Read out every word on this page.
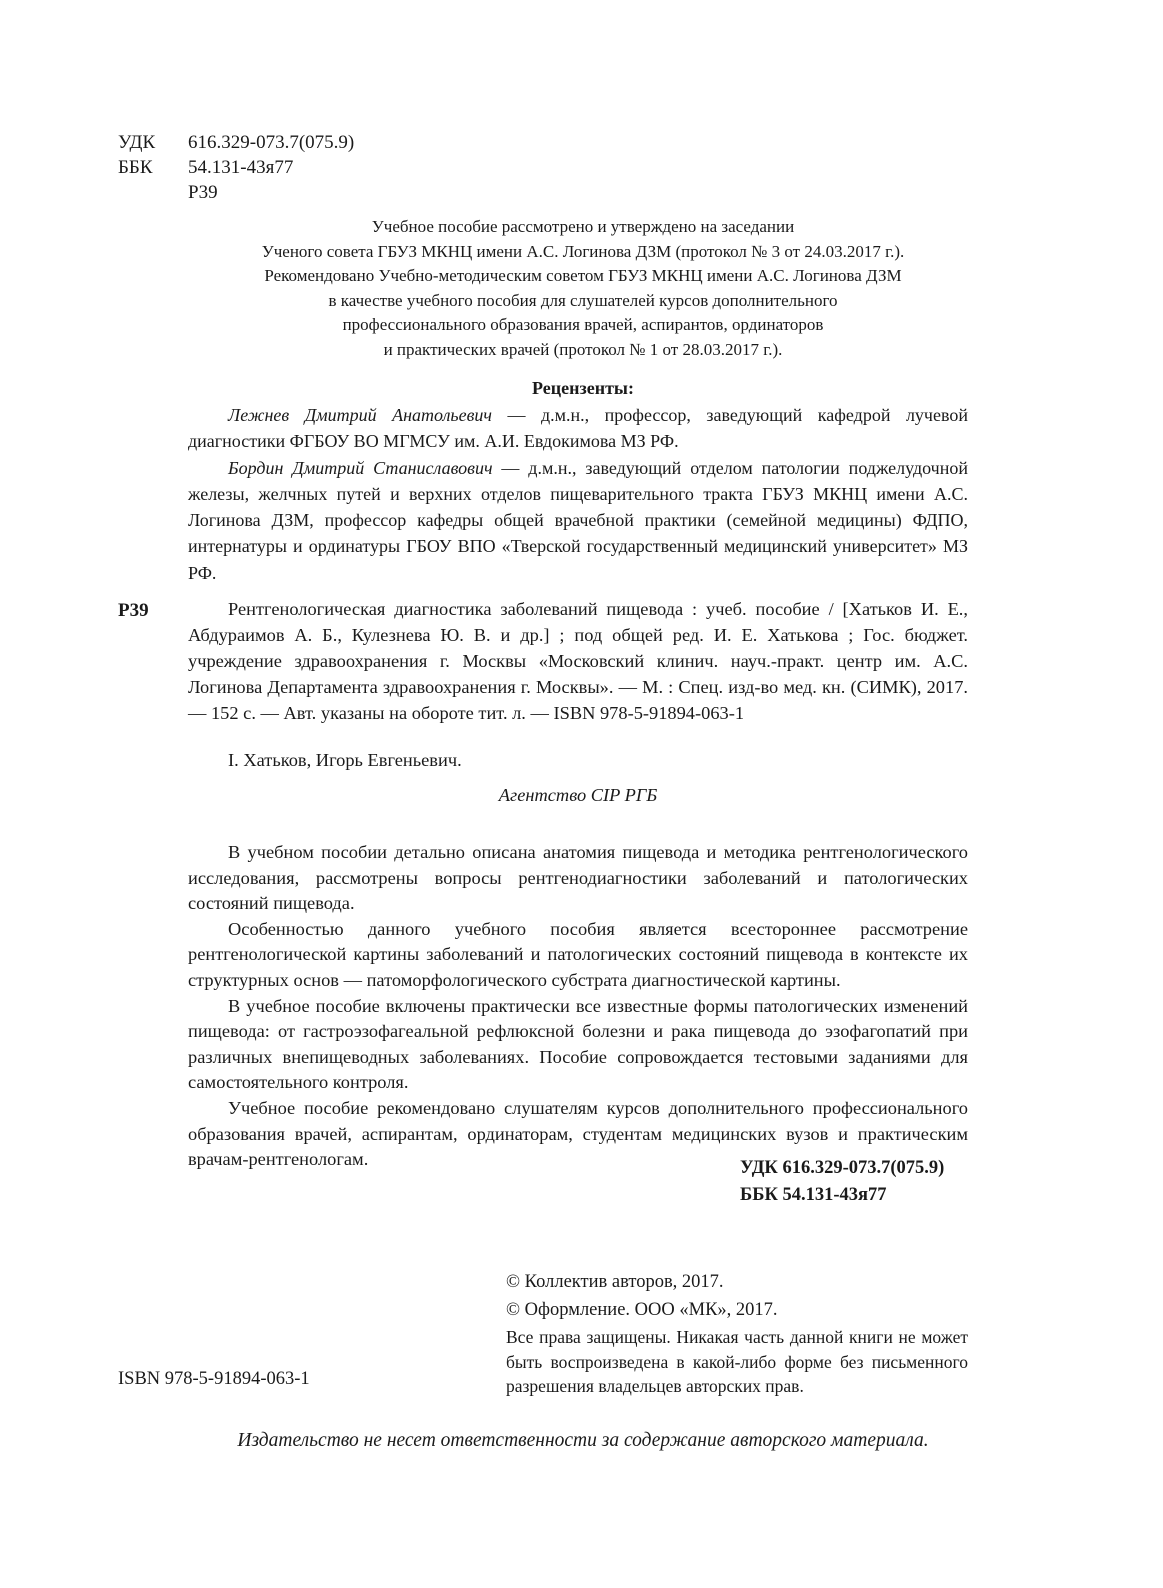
УДК	616.329-073.7(075.9)
ББК	54.131-43я77
Р39
Учебное пособие рассмотрено и утверждено на заседании
Ученого совета ГБУЗ МКНЦ имени А.С. Логинова ДЗМ (протокол № 3 от 24.03.2017 г.).
Рекомендовано Учебно-методическим советом ГБУЗ МКНЦ имени А.С. Логинова ДЗМ
в качестве учебного пособия для слушателей курсов дополнительного
профессионального образования врачей, аспирантов, ординаторов
и практических врачей (протокол № 1 от 28.03.2017 г.).
Рецензенты:

Лежнев Дмитрий Анатольевич — д.м.н., профессор, заведующий кафедрой лучевой диагностики ФГБОУ ВО МГМСУ им. А.И. Евдокимова МЗ РФ.

Бордин Дмитрий Станиславович — д.м.н., заведующий отделом патологии поджелудочной железы, желчных путей и верхних отделов пищеварительного тракта ГБУЗ МКНЦ имени А.С. Логинова ДЗМ, профессор кафедры общей врачебной практики (семейной медицины) ФДПО, интернатуры и ординатуры ГБОУ ВПО «Тверской государственный медицинский университет» МЗ РФ.

Р39	Рентгенологическая диагностика заболеваний пищевода : учеб. пособие / [Хатьков И. Е., Абдураимов А. Б., Кулезнева Ю. В. и др.] ; под общей ред. И. Е. Хатькова ; Гос. бюджет. учреждение здравоохранения г. Москвы «Московский клинич. науч.-практ. центр им. А.С. Логинова Департамента здравоохранения г. Москвы». — М. : Спец. изд-во мед. кн. (СИМК), 2017. — 152 с. — Авт. указаны на обороте тит. л. — ISBN 978-5-91894-063-1

I. Хатьков, Игорь Евгеньевич.
Агентство CIP РГБ

В учебном пособии детально описана анатомия пищевода и методика рентгенологического исследования, рассмотрены вопросы рентгенодиагностики заболеваний и патологических состояний пищевода.

Особенностью данного учебного пособия является всестороннее рассмотрение рентгенологической картины заболеваний и патологических состояний пищевода в контексте их структурных основ — патоморфологического субстрата диагностической картины.

В учебное пособие включены практически все известные формы патологических изменений пищевода: от гастроэзофагеальной рефлюксной болезни и рака пищевода до эзофагопатий при различных внепищеводных заболеваниях. Пособие сопровождается тестовыми заданиями для самостоятельного контроля.

Учебное пособие рекомендовано слушателям курсов дополнительного профессионального образования врачей, аспирантам, ординаторам, студентам медицинских вузов и практическим врачам-рентгенологам.	УДК 616.329-073.7(075.9)
ББК 54.131-43я77
© Коллектив авторов, 2017.
© Оформление. ООО «МК», 2017.
Все права защищены. Никакая часть данной книги не может быть воспроизведена в какой-либо форме без письменного разрешения владельцев авторских прав.
ISBN 978-5-91894-063-1
Издательство не несет ответственности за содержание авторского материала.
